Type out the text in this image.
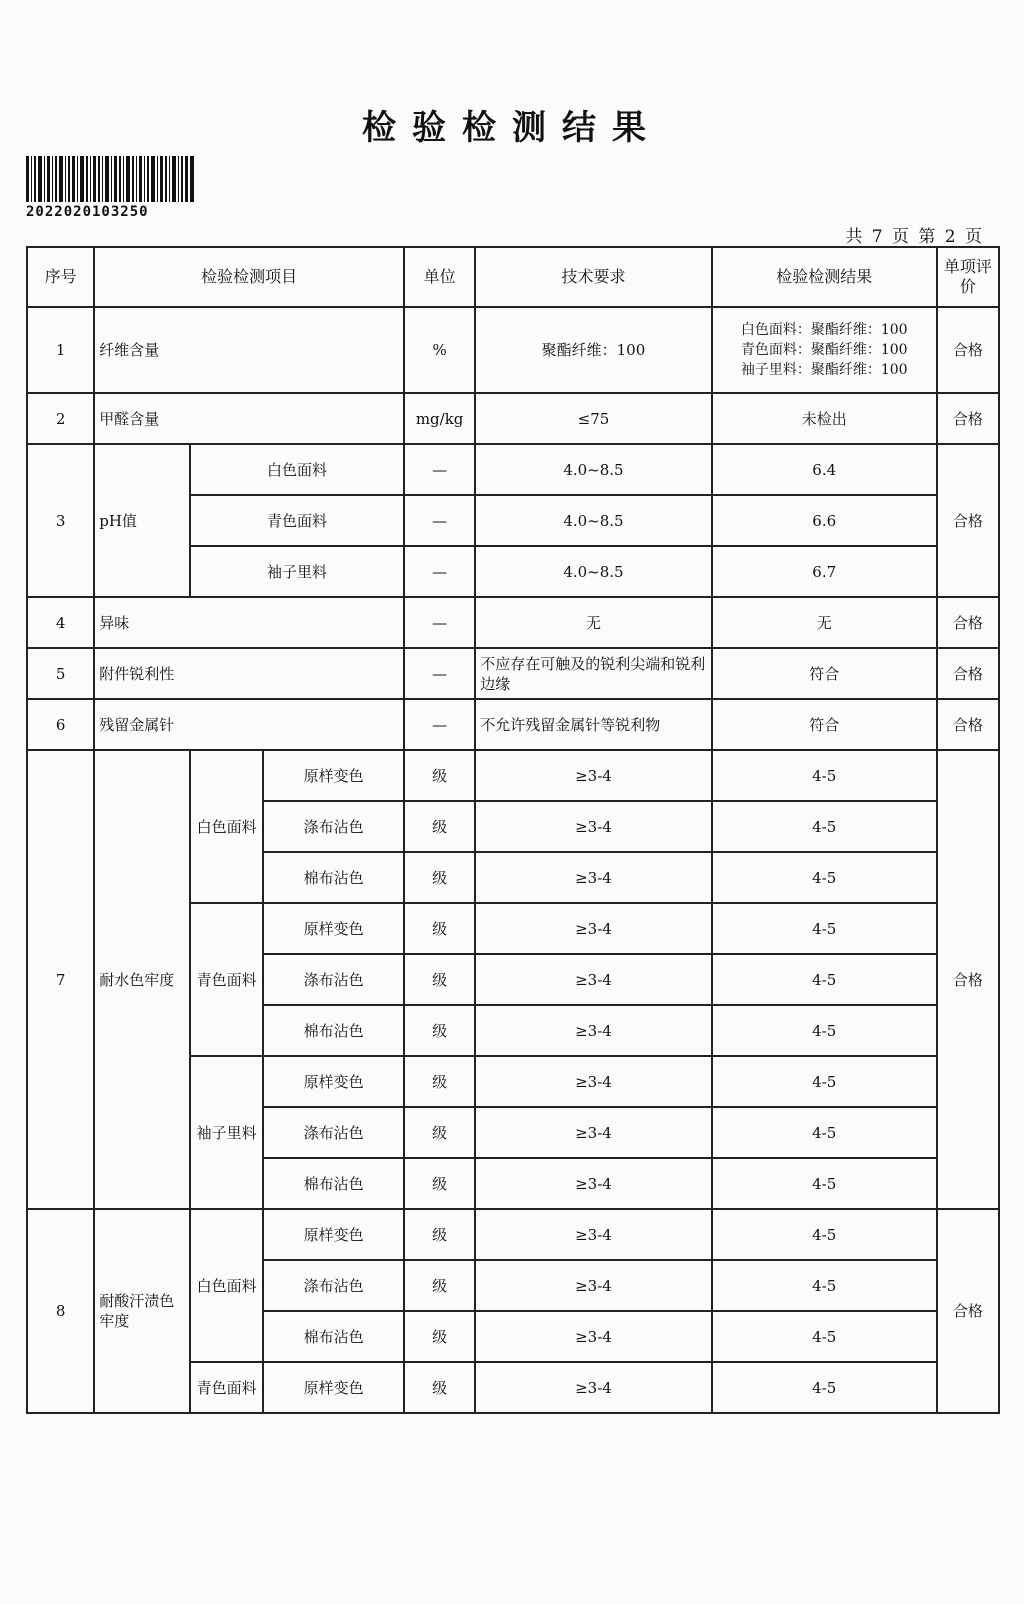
检验检测结果
2022020103250
共 7 页 第 2 页
序号	检验检测项目			单位	技术要求	检验检测结果	单项评价
1	纤维含量			%	聚酯纤维：100	白色面料：聚酯纤维：100
青色面料：聚酯纤维：100
袖子里料：聚酯纤维：100	合格
2	甲醛含量			mg/kg	≤75	未检出	合格
3	pH值	白色面料		—	4.0~8.5	6.4	合格
		青色面料		—	4.0~8.5	6.6	
		袖子里料		—	4.0~8.5	6.7	
4	异味			—	无	无	合格
5	附件锐利性			—	不应存在可触及的锐利尖端和锐利边缘	符合	合格
6	残留金属针			—	不允许残留金属针等锐利物	符合	合格
7	耐水色牢度	白色面料	原样变色	级	≥3-4	4-5	合格
			涤布沾色	级	≥3-4	4-5	
			棉布沾色	级	≥3-4	4-5	
		青色面料	原样变色	级	≥3-4	4-5	
			涤布沾色	级	≥3-4	4-5	
			棉布沾色	级	≥3-4	4-5	
		袖子里料	原样变色	级	≥3-4	4-5	
			涤布沾色	级	≥3-4	4-5	
			棉布沾色	级	≥3-4	4-5	
8	耐酸汗渍色牢度	白色面料	原样变色	级	≥3-4	4-5	合格
			涤布沾色	级	≥3-4	4-5	
			棉布沾色	级	≥3-4	4-5	
		青色面料	原样变色	级	≥3-4	4-5	
